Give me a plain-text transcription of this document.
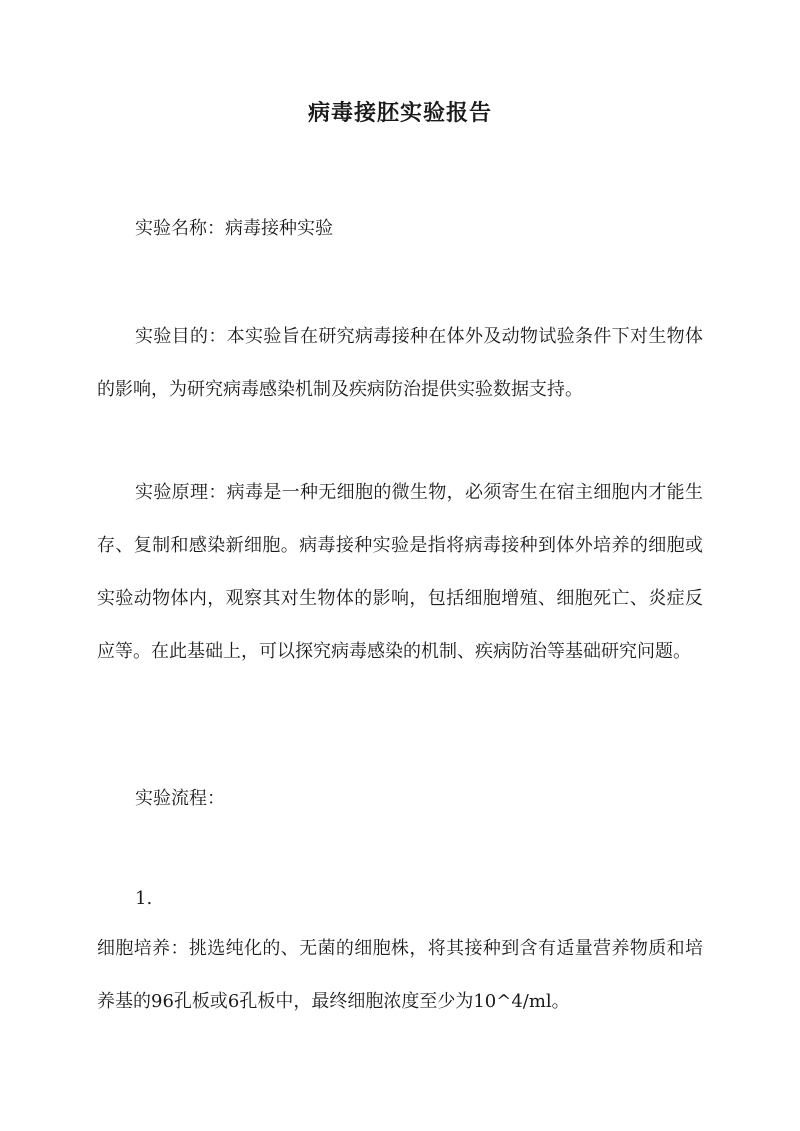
病毒接胚实验报告

实验名称：病毒接种实验

实验目的：本实验旨在研究病毒接种在体外及动物试验条件下对生物体的影响，为研究病毒感染机制及疾病防治提供实验数据支持。

实验原理：病毒是一种无细胞的微生物，必须寄生在宿主细胞内才能生存、复制和感染新细胞。病毒接种实验是指将病毒接种到体外培养的细胞或实验动物体内，观察其对生物体的影响，包括细胞增殖、细胞死亡、炎症反应等。在此基础上，可以探究病毒感染的机制、疾病防治等基础研究问题。

实验流程：

1.

细胞培养：挑选纯化的、无菌的细胞株，将其接种到含有适量营养物质和培养基的96孔板或6孔板中，最终细胞浓度至少为10^4/ml。
